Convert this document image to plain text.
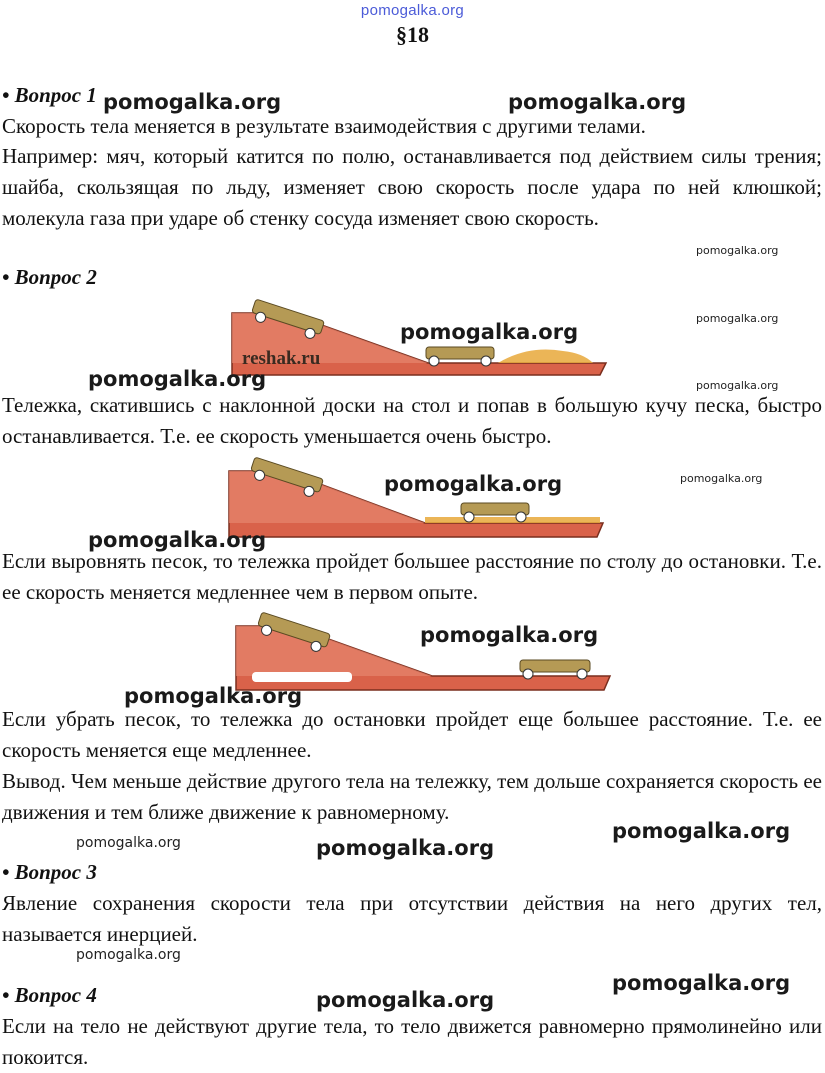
pomogalka.org
§18
• Вопрос 1
Скорость тела меняется в результате взаимодействия с другими телами.
Например: мяч, который катится по полю, останавливается под действием силы трения; шайба, скользящая по льду, изменяет свою скорость после удара по ней клюшкой; молекула газа при ударе об стенку сосуда изменяет свою скорость.
• Вопрос 2
reshak.ru
Тележка, скатившись с наклонной доски на стол и попав в большую кучу песка, быстро останавливается. Т.е. ее скорость уменьшается очень быстро.
Если выровнять песок, то тележка пройдет большее расстояние по столу до остановки. Т.е. ее скорость меняется медленнее чем в первом опыте.
Если убрать песок, то тележка до остановки пройдет еще большее расстояние. Т.е. ее скорость меняется еще медленнее.
Вывод. Чем меньше действие другого тела на тележку, тем дольше сохраняется скорость ее движения и тем ближе движение к равномерному.
• Вопрос 3
Явление сохранения скорости тела при отсутствии действия на него других тел, называется инерцией.
• Вопрос 4
Если на тело не действуют другие тела, то тело движется равномерно прямолинейно или покоится.
pomogalka.org	pomogalka.org
pomogalka.org
pomogalka.org
pomogalka.org
pomogalka.org
pomogalka.org
pomogalka.org
pomogalka.org
pomogalka.org
pomogalka.org
pomogalka.org
pomogalka.org
pomogalka.org
pomogalka.org
pomogalka.org
pomogalka.org
pomogalka.org
